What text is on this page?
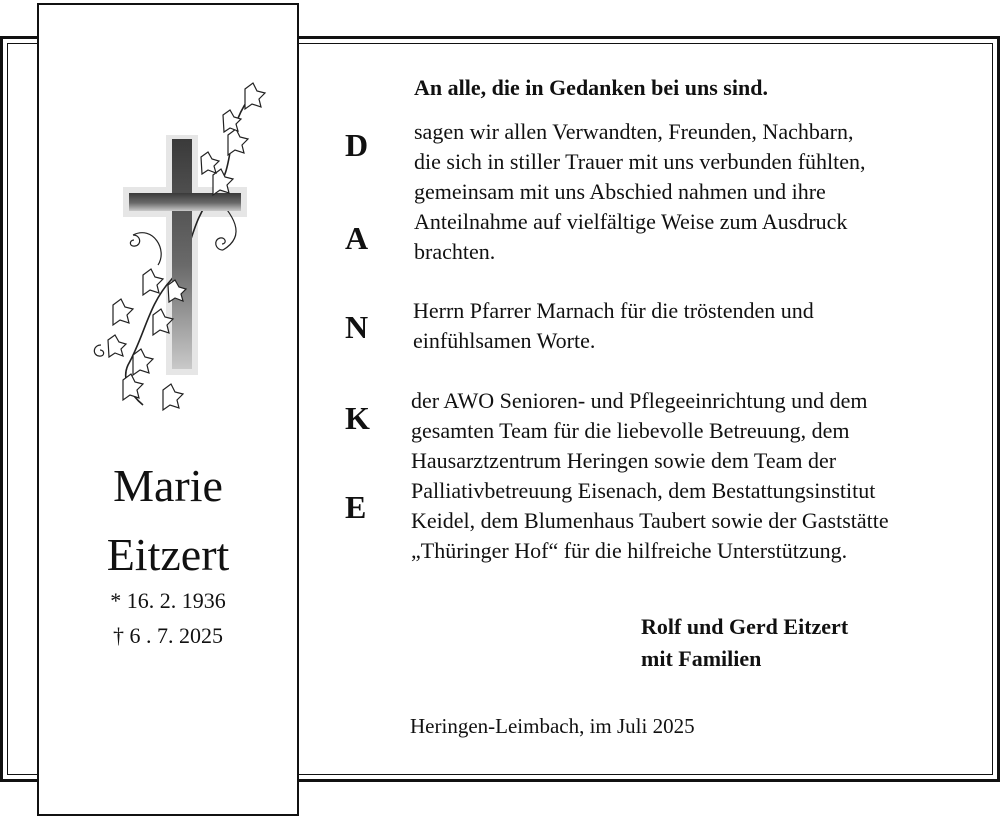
Marie
Eitzert
* 16. 2. 1936
† 6 . 7. 2025
An alle, die in Gedanken bei uns sind.
D
A
N
K
E
sagen wir allen Verwandten, Freunden, Nachbarn,
die sich in stiller Trauer mit uns verbunden fühlten,
gemeinsam mit uns Abschied nahmen und ihre
Anteilnahme auf vielfältige Weise zum Ausdruck
brachten.
Herrn Pfarrer Marnach für die tröstenden und
einfühlsamen Worte.
der AWO Senioren- und Pflegeeinrichtung und dem
gesamten Team für die liebevolle Betreuung, dem
Hausarztzentrum Heringen sowie dem Team der
Palliativbetreuung Eisenach, dem Bestattungsinstitut
Keidel, dem Blumenhaus Taubert sowie der Gaststätte
„Thüringer Hof“ für die hilfreiche Unterstützung.
Rolf und Gerd Eitzert
mit Familien
Heringen-Leimbach, im Juli 2025
